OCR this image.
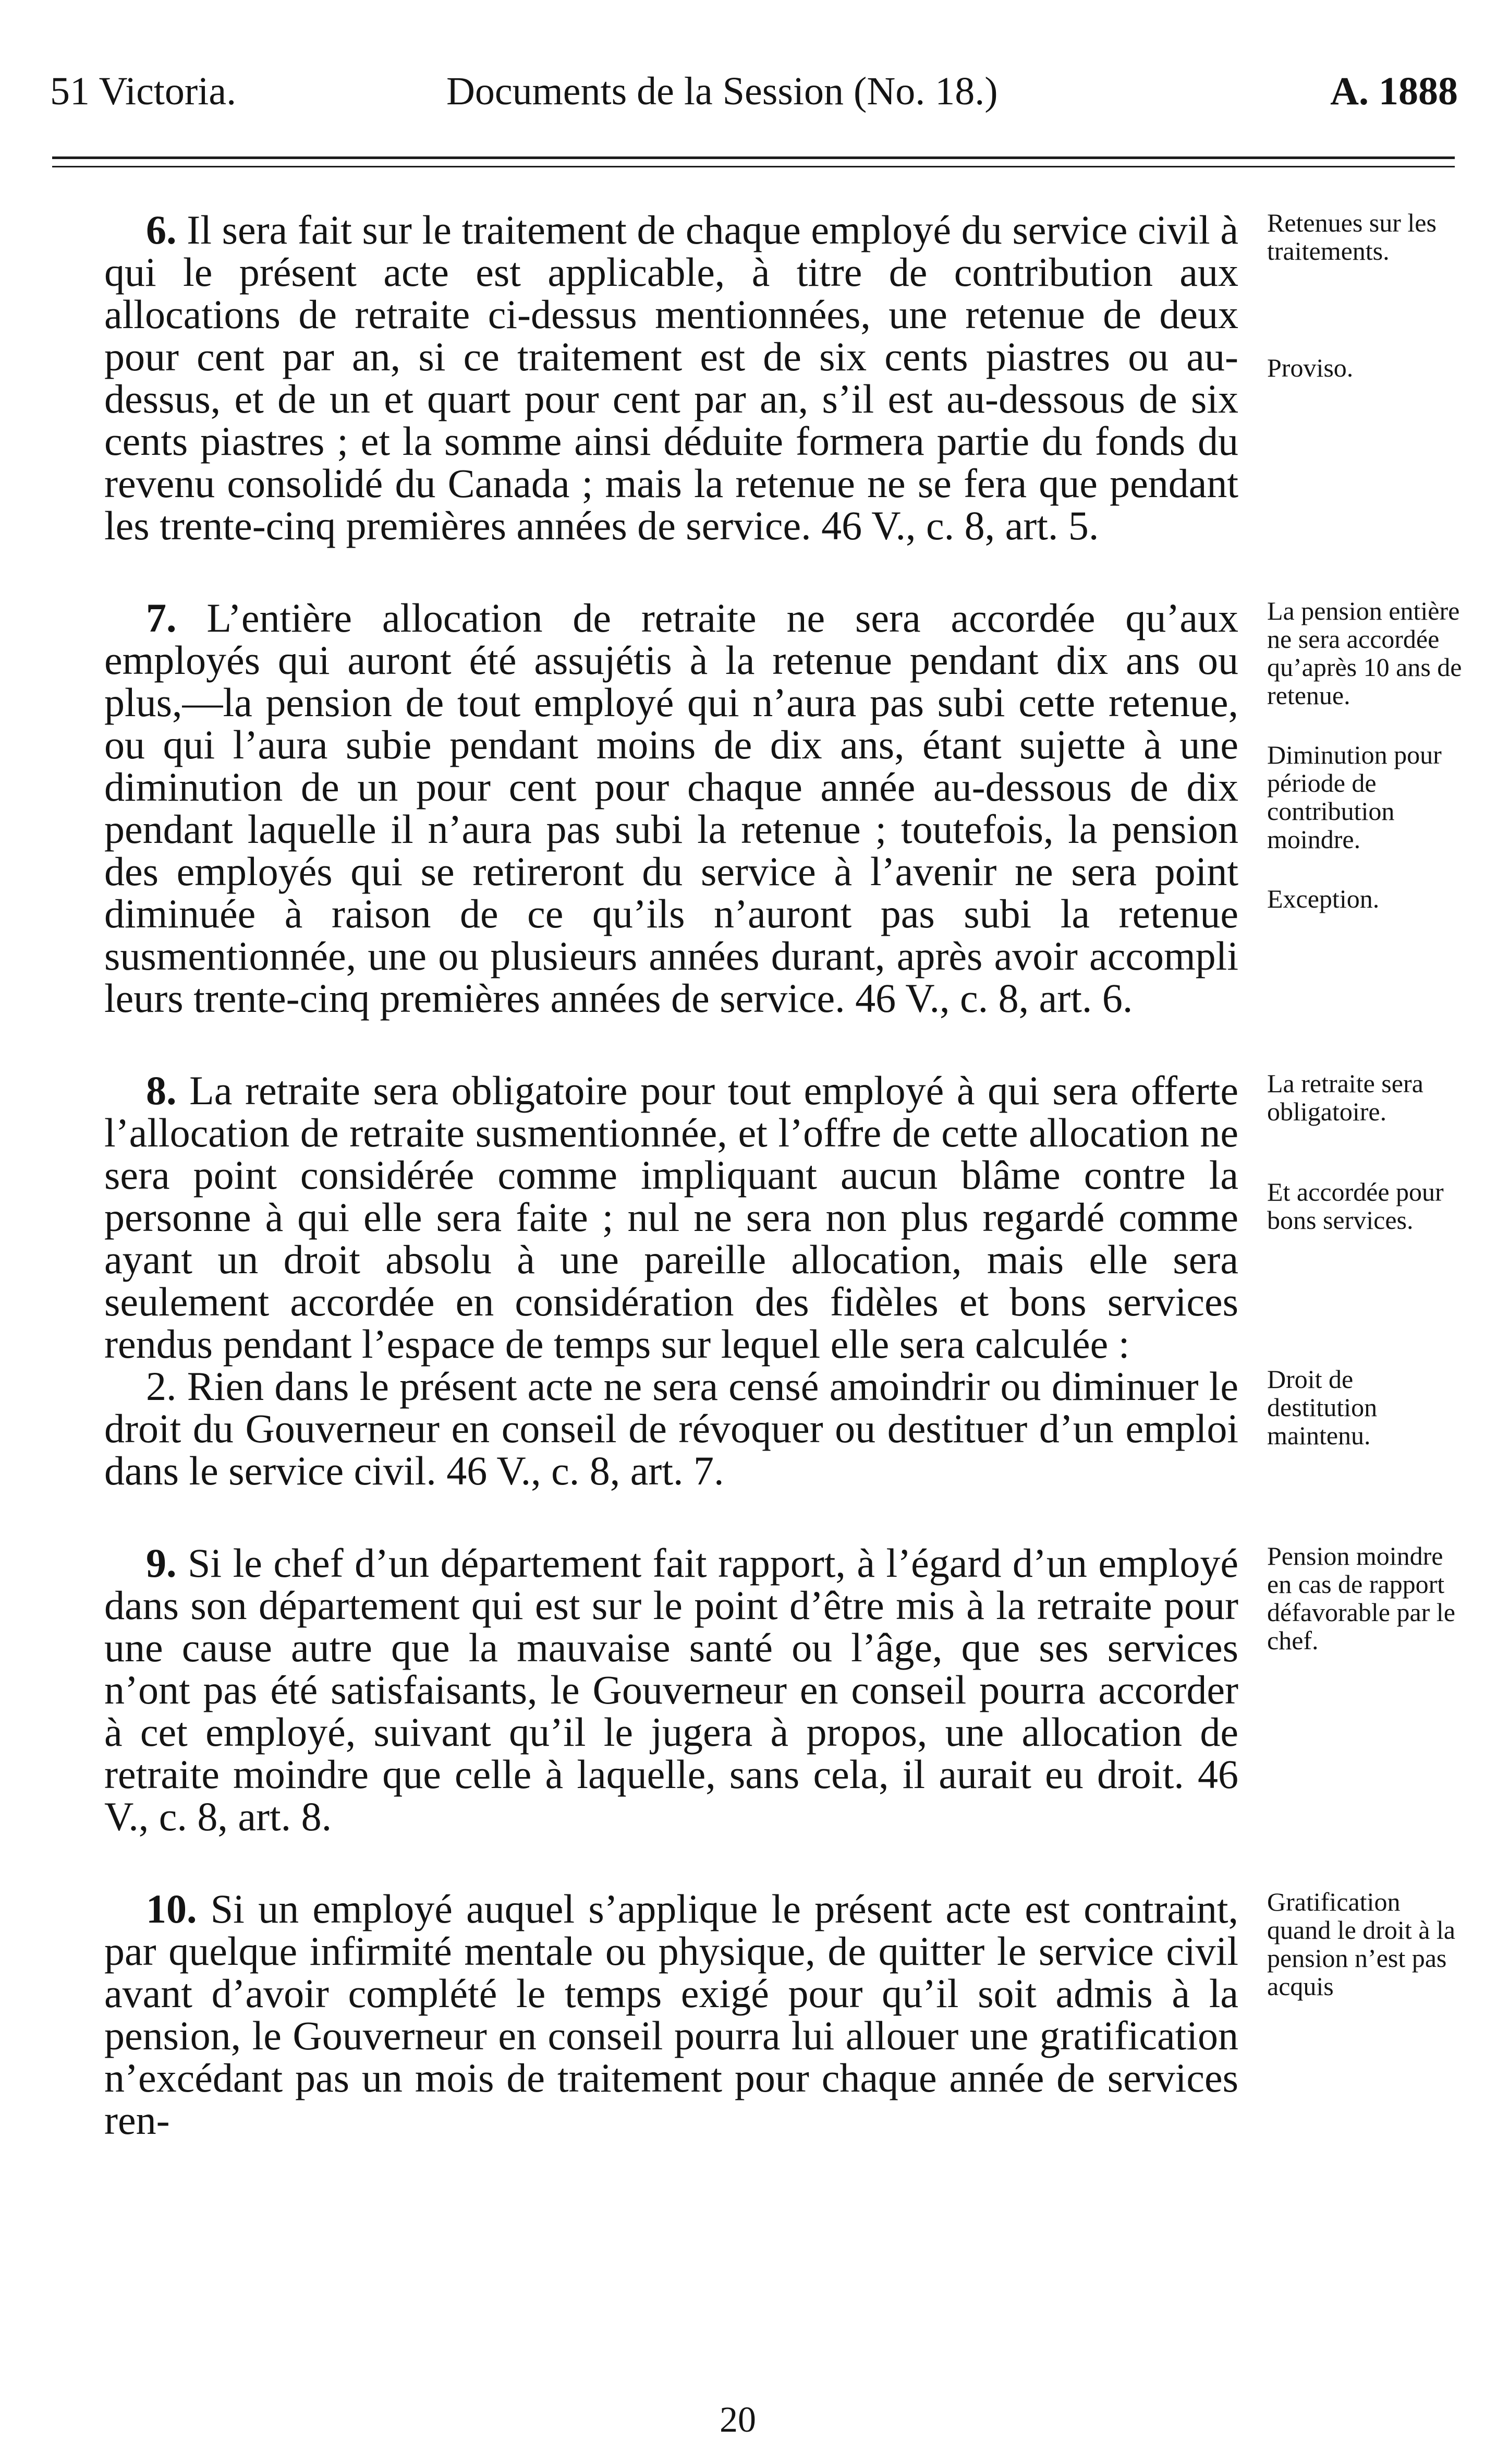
51 Victoria.	Documents de la Session (No. 18.)	A. 1888
6. Il sera fait sur le traitement de chaque employé du service civil à qui le présent acte est applicable, à titre de contribution aux allocations de retraite ci-dessus mentionnées, une retenue de deux pour cent par an, si ce traitement est de six cents piastres ou au-dessus, et de un et quart pour cent par an, s’il est au-dessous de six cents piastres ; et la somme ainsi déduite formera partie du fonds du revenu consolidé du Canada ; mais la retenue ne se fera que pendant les trente-cinq premières années de service. 46 V., c. 8, art. 5.
Retenues sur les traitements.
Proviso.
7. L’entière allocation de retraite ne sera accordée qu’aux employés qui auront été assujétis à la retenue pendant dix ans ou plus,—la pension de tout employé qui n’aura pas subi cette retenue, ou qui l’aura subie pendant moins de dix ans, étant sujette à une diminution de un pour cent pour chaque année au-dessous de dix pendant laquelle il n’aura pas subi la retenue ; toutefois, la pension des employés qui se retireront du service à l’avenir ne sera point diminuée à raison de ce qu’ils n’auront pas subi la retenue susmentionnée, une ou plusieurs années durant, après avoir accompli leurs trente-cinq premières années de service. 46 V., c. 8, art. 6.
La pension entière ne sera accordée qu’après 10 ans de retenue.
Diminution pour période de contribution moindre.
Exception.
8. La retraite sera obligatoire pour tout employé à qui sera offerte l’allocation de retraite susmentionnée, et l’offre de cette allocation ne sera point considérée comme impliquant aucun blâme contre la personne à qui elle sera faite ; nul ne sera non plus regardé comme ayant un droit absolu à une pareille allocation, mais elle sera seulement accordée en considération des fidèles et bons services rendus pendant l’espace de temps sur lequel elle sera calculée :
La retraite sera obligatoire.
Et accordée pour bons services.
2. Rien dans le présent acte ne sera censé amoindrir ou diminuer le droit du Gouverneur en conseil de révoquer ou destituer d’un emploi dans le service civil. 46 V., c. 8, art. 7.
Droit de destitution maintenu.
9. Si le chef d’un département fait rapport, à l’égard d’un employé dans son département qui est sur le point d’être mis à la retraite pour une cause autre que la mauvaise santé ou l’âge, que ses services n’ont pas été satisfaisants, le Gouverneur en conseil pourra accorder à cet employé, suivant qu’il le jugera à propos, une allocation de retraite moindre que celle à laquelle, sans cela, il aurait eu droit. 46 V., c. 8, art. 8.
Pension moindre en cas de rapport défavorable par le chef.
10. Si un employé auquel s’applique le présent acte est contraint, par quelque infirmité mentale ou physique, de quitter le service civil avant d’avoir complété le temps exigé pour qu’il soit admis à la pension, le Gouverneur en conseil pourra lui allouer une gratification n’excédant pas un mois de traitement pour chaque année de services ren-
Gratification quand le droit à la pension n’est pas acquis
20
